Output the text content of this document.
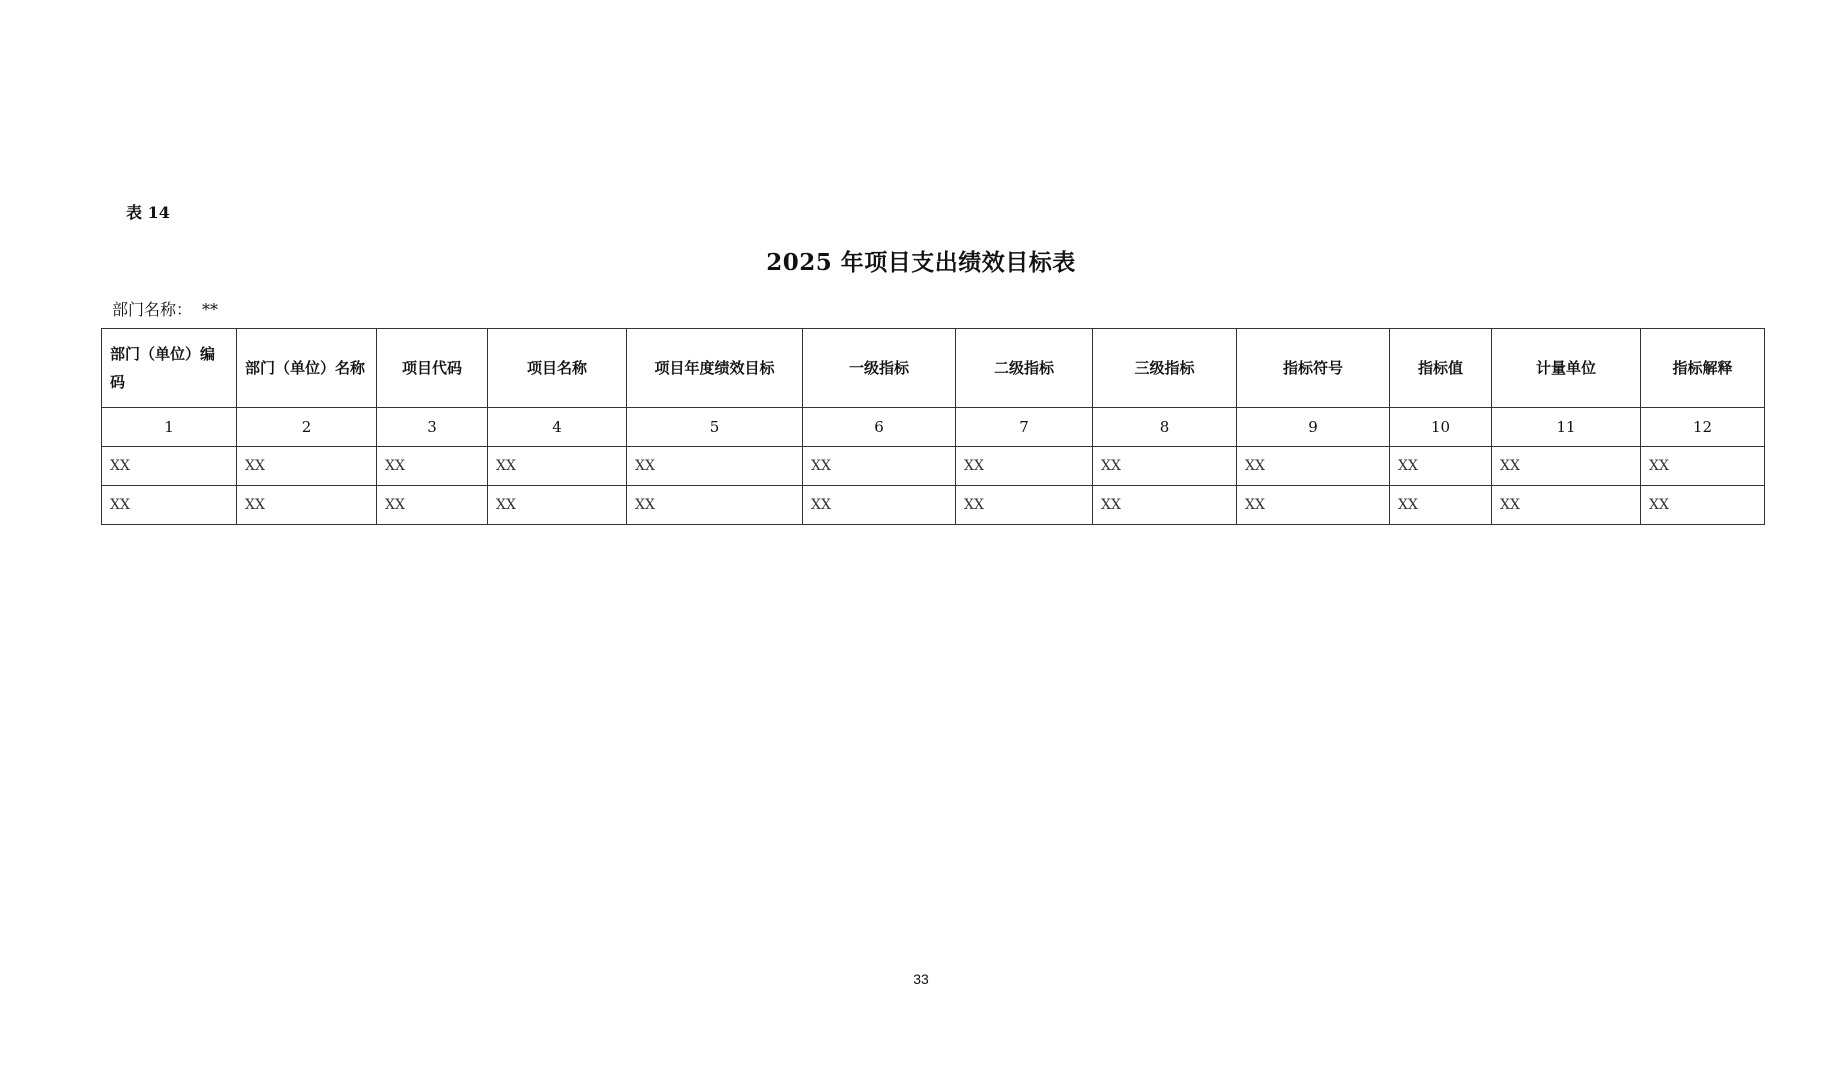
表 14
2025 年项目支出绩效目标表
部门名称： **
部门（单位）编码	部门（单位）名称	项目代码	项目名称	项目年度绩效目标	一级指标	二级指标	三级指标	指标符号	指标值	计量单位	指标解释
1	2	3	4	5	6	7	8	9	10	11	12
XX	XX	XX	XX	XX	XX	XX	XX	XX	XX	XX	XX
XX	XX	XX	XX	XX	XX	XX	XX	XX	XX	XX	XX
33
